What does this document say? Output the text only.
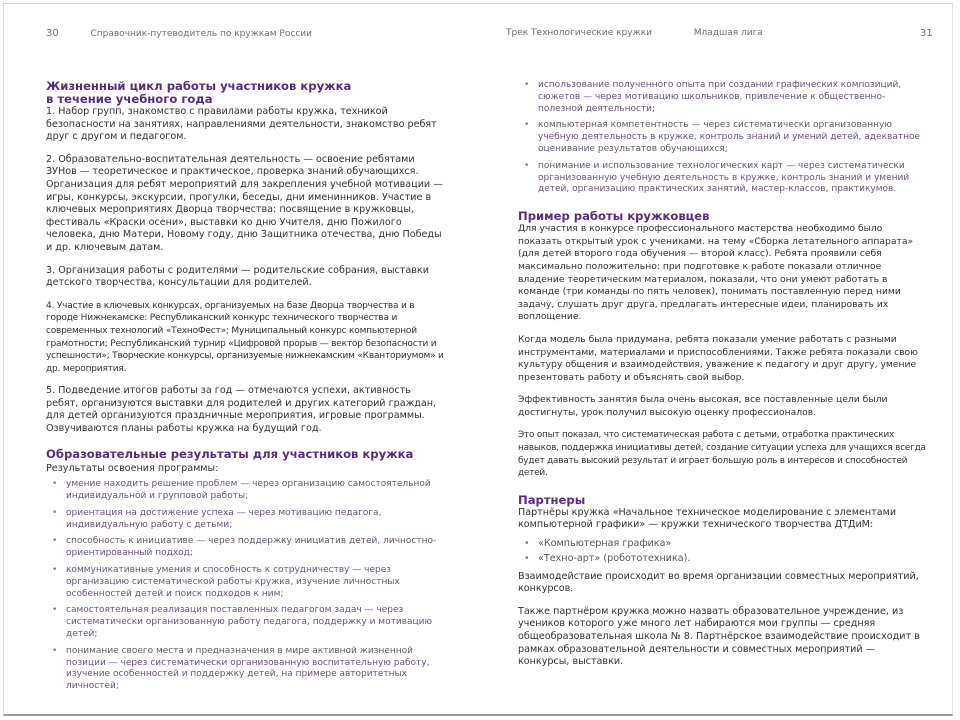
30	Справочник-путеводитель по кружкам России
Жизненный цикл работы участников кружка
в течение учебного года

1. Набор групп, знакомство с правилами работы кружка, техникой безопасности на занятиях, направлениями деятельности, знакомство ребят друг с другом и педагогом.

2. Образовательно-воспитательная деятельность — освоение ребятами ЗУНов — теоретическое и практическое, проверка знаний обучающихся. Организация для ребят мероприятий для закрепления учебной мотивации — игры, конкурсы, экскурсии, прогулки, беседы, дни именинников. Участие в ключевых мероприятиях Дворца творчества: посвящение в кружковцы, фестиваль «Краски осени», выставки ко дню Учителя, дню Пожилого человека, дню Матери, Новому году, дню Защитника отечества, дню Победы и др. ключевым датам.

3. Организация работы с родителями — родительские собрания, выставки детского творчества, консультации для родителей.

4. Участие в ключевых конкурсах, организуемых на базе Дворца творчества и в городе Нижнекамске: Республиканский конкурс технического творчества и современных технологий «ТехноФест»; Муниципальный конкурс компьютерной грамотности; Республиканский турнир «Цифровой прорыв — вектор безопасности и успешности»; Творческие конкурсы, организуемые нижнекамским «Кванториумом» и др. мероприятия.

5. Подведение итогов работы за год — отмечаются успехи, активность ребят, организуются выставки для родителей и других категорий граждан, для детей организуются праздничные мероприятия, игровые программы. Озвучиваются планы работы кружка на будущий год.

Образовательные результаты для участников кружка

Результаты освоения программы:

• умение находить решение проблем — через организацию самостоятельной индивидуальной и групповой работы;
• ориентация на достижение успеха — через мотивацию педагога, индивидуальную работу с детьми;
• способность к инициативе — через поддержку инициатив детей, личностно-ориентированный подход;
• коммуникативные умения и способность к сотрудничеству — через организацию систематической работы кружка, изучение личностных особенностей детей и поиск подходов к ним;
• самостоятельная реализация поставленных педагогом задач — через систематически организованную работу педагога, поддержку и мотивацию детей;
• понимание своего места и предназначения в мире активной жизненной позиции — через систематически организованную воспитательную работу, изучение особенностей и поддержку детей, на примере авторитетных личностей;
Трек Технологические кружки	Младшая лига	31
• использование полученного опыта при создании графических композиций, сюжетов — через мотивацию школьников, привлечение к общественно-полезной деятельности;
• компьютерная компетентность — через систематически организованную учебную деятельность в кружке, контроль знаний и умений детей, адекватное оценивание результатов обучающихся;
• понимание и использование технологических карт — через систематически организованную учебную деятельность в кружке, контроль знаний и умений детей, организацию практических занятий, мастер-классов, практикумов.
Пример работы кружковцев

Для участия в конкурсе профессионального мастерства необходимо было показать открытый урок с учениками. на тему «Сборка летательного аппарата» (для детей второго года обучения — второй класс). Ребята проявили себя максимально положительно: при подготовке к работе показали отличное владение теоретическим материалом, показали, что они умеют работать в команде (три команды по пять человек), понимать поставленную перед ними задачу, слушать друг друга, предлагать интересные идеи, планировать их воплощение.

Когда модель была придумана, ребята показали умение работать с разными инструментами, материалами и приспособлениями. Также ребята показали свою культуру общения и взаимодействия, уважение к педагогу и друг другу, умение презентовать работу и объяснять свой выбор.

Эффективность занятия была очень высокая, все поставленные цели были достигнуты, урок получил высокую оценку профессионалов.

Это опыт показал, что систематическая работа с детьми, отработка практических навыков, поддержка инициативы детей, создание ситуации успеха для учащихся всегда будет давать высокий результат и играет большую роль в интересов и способностей детей.

Партнеры

Партнёры кружка «Начальное техническое моделирование с элементами компьютерной графики» — кружки технического творчества ДТДиМ:

• «Компьютерная графика»
• «Техно-арт» (робототехника).

Взаимодействие происходит во время организации совместных мероприятий, конкурсов.

Также партнёром кружка можно назвать образовательное учреждение, из учеников которого уже много лет набираются мои группы — средняя общеобразовательная школа № 8. Партнёрское взаимодействие происходит в рамках образовательной деятельности и совместных мероприятий — конкурсы, выставки.
